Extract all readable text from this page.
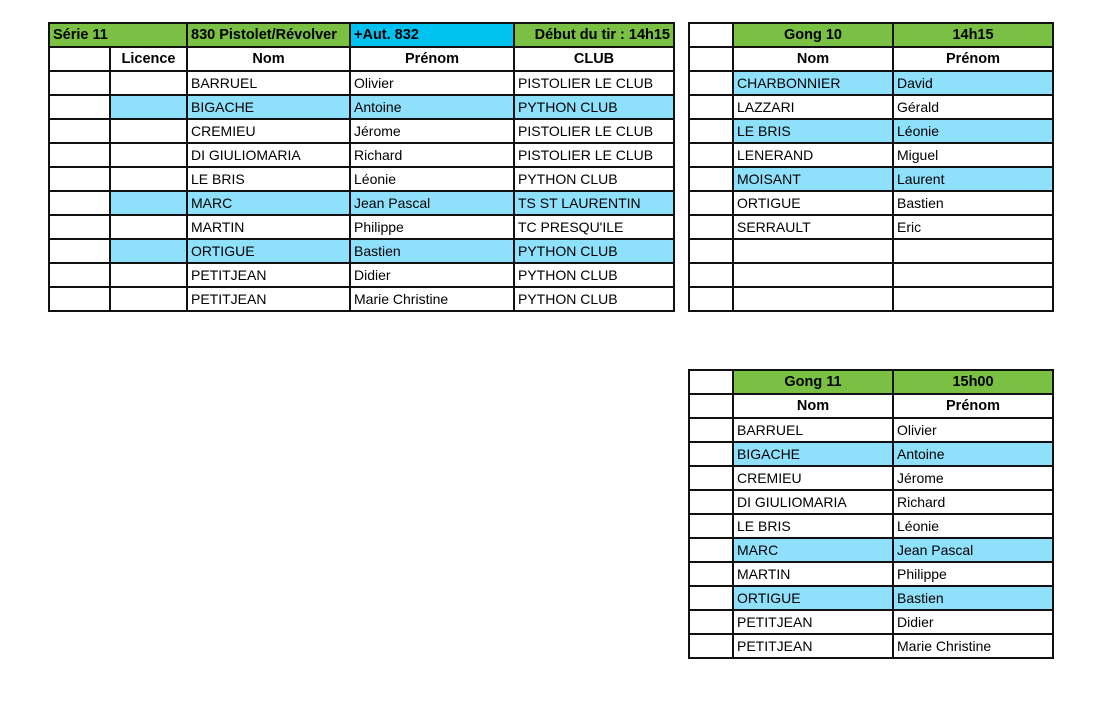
Série 11		830 Pistolet/Révolver	+Aut. 832	Début du tir : 14h15
	Licence	Nom	Prénom	CLUB
		BARRUEL	Olivier	PISTOLIER LE CLUB
		BIGACHE	Antoine	PYTHON CLUB
		CREMIEU	Jérome	PISTOLIER LE CLUB
		DI GIULIOMARIA	Richard	PISTOLIER LE CLUB
		LE BRIS	Léonie	PYTHON CLUB
		MARC	Jean Pascal	TS ST LAURENTIN
		MARTIN	Philippe	TC PRESQU'ILE
		ORTIGUE	Bastien	PYTHON CLUB
		PETITJEAN	Didier	PYTHON CLUB
		PETITJEAN	Marie Christine	PYTHON CLUB
	Gong 10	14h15
	Nom	Prénom
	CHARBONNIER	David
	LAZZARI	Gérald
	LE BRIS	Léonie
	LENERAND	Miguel
	MOISANT	Laurent
	ORTIGUE	Bastien
	SERRAULT	Eric

	Gong 11	15h00
	Nom	Prénom
	BARRUEL	Olivier
	BIGACHE	Antoine
	CREMIEU	Jérome
	DI GIULIOMARIA	Richard
	LE BRIS	Léonie
	MARC	Jean Pascal
	MARTIN	Philippe
	ORTIGUE	Bastien
	PETITJEAN	Didier
	PETITJEAN	Marie Christine
